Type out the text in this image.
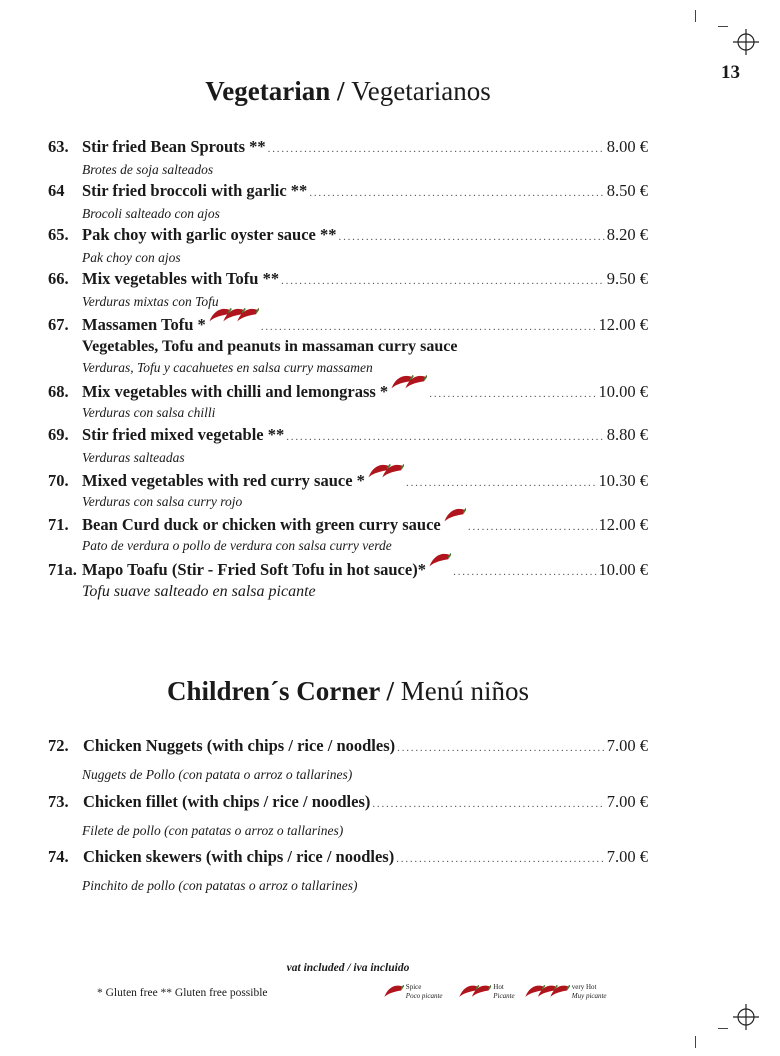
13
Vegetarian / Vegetarianos
63. Stir fried Bean Sprouts ** .....	8.00 €
Brotes de soja salteados
64	Stir fried broccoli with garlic ** .....	8.50 €
Brocoli salteado con ajos
65. Pak choy with garlic oyster sauce ** .....	8.20 €
Pak choy con ajos
66. Mix vegetables with Tofu ** .....	9.50 €
Verduras mixtas con Tofu
67. Massamen Tofu * .....	12.00 €
Vegetables, Tofu and peanuts in massaman curry sauce
Verduras, Tofu y cacahuetes en salsa curry massamen
68. Mix vegetables with chilli and lemongrass * .....	10.00 €
Verduras con salsa chilli
69. Stir fried mixed vegetable ** .....	8.80 €
Verduras salteadas
70. Mixed vegetables with red curry sauce * .....	10.30 €
Verduras con salsa curry rojo
71. Bean Curd duck or chicken with green curry sauce .....	12.00 €
Pato de verdura o pollo de verdura con salsa curry verde
71a. Mapo Toafu (Stir - Fried Soft Tofu in hot sauce)* .....	10.00 €
Tofu suave salteado en salsa picante
Children´s Corner / Menú niños
72. Chicken Nuggets (with chips / rice / noodles) .....	7.00 €
Nuggets de Pollo (con patata o arroz o tallarines)
73. Chicken fillet (with chips / rice / noodles) .....	7.00 €
Filete de pollo (con patatas o arroz o tallarines)
74. Chicken skewers (with chips / rice / noodles) .....	7.00 €
Pinchito de pollo (con patatas o arroz o tallarines)
vat included / iva incluido
* Gluten free ** Gluten free possible	Spice
Poco picante
Hot
Picante
very Hot
Muy picante
